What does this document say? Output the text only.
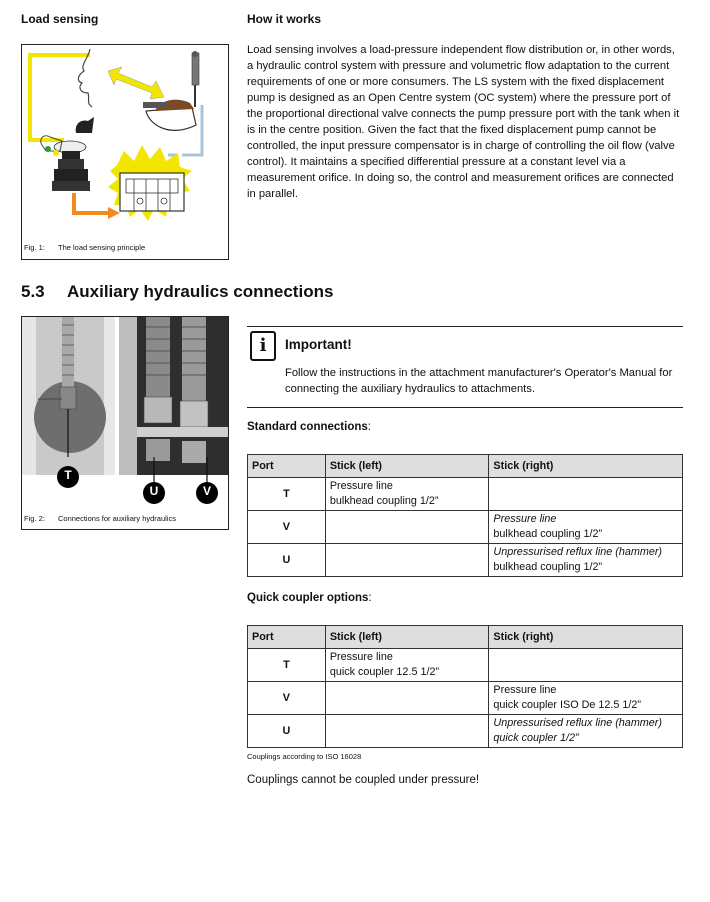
Load sensing
Fig. 1: The load sensing principle
How it works
Load sensing involves a load-pressure independent flow distribution or, in other words, a hydraulic control system with pressure and volumetric flow adaptation to the current requirements of one or more consumers. The LS system with the fixed displacement pump is designed as an Open Centre system (OC system) where the pressure port of the proportional directional valve connects the pump pressure port with the tank when it is in the centre position. Given the fact that the fixed displacement pump cannot be controlled, the input pressure compensator is in charge of controlling the oil flow (valve control). It maintains a specified differential pressure at a constant level via a measurement orifice. In doing so, the control and measurement orifices are connected in parallel.
5.3 Auxiliary hydraulics connections
T
U	V
Fig. 2: Connections for auxiliary hydraulics
i	Important!
Follow the instructions in the attachment manufacturer's Operator's Manual for connecting the auxiliary hydraulics to attachments.
Standard connections:
Port	Stick (left)	Stick (right)
T	Pressure line
bulkhead coupling 1/2”	
V		Pressure line
bulkhead coupling 1/2”
U		Unpressurised reflux line (hammer)
bulkhead coupling 1/2”
Quick coupler options:
Port	Stick (left)	Stick (right)
T	Pressure line
quick coupler 12.5 1/2”	
V		Pressure line
quick coupler ISO De 12.5 1/2”
U		Unpressurised reflux line (hammer)
quick coupler 1/2”
Couplings according to ISO 16028
Couplings cannot be coupled under pressure!
